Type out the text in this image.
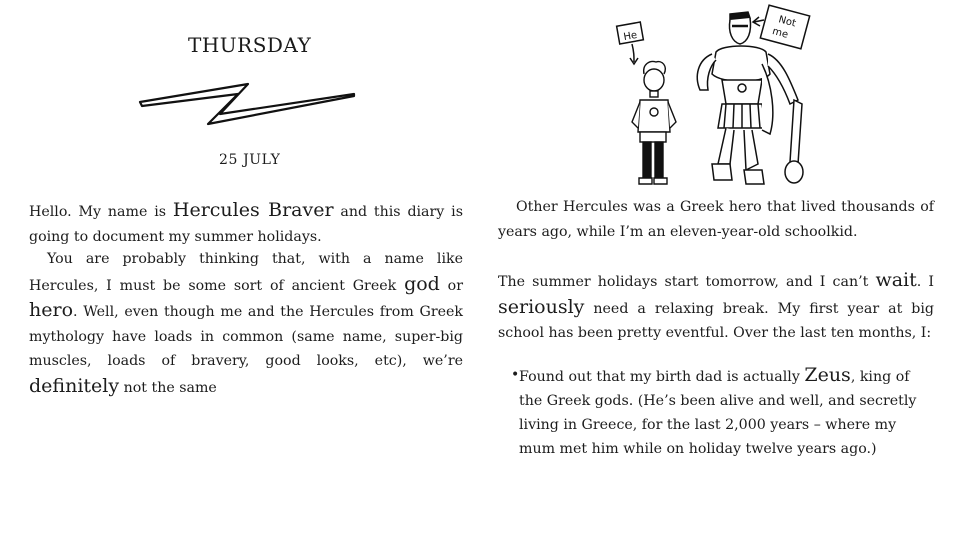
THURSDAY
25 JULY
He
Not
me

Hello. My name is Hercules Braver and this diary is going to document my summer holidays.

You are probably thinking that, with a name like Hercules, I must be some sort of ancient Greek god or hero. Well, even though me and the Hercules from Greek mythology have loads in common (same name, super-big muscles, loads of bravery, good looks, etc), we’re definitely not the same

Other Hercules was a Greek hero that lived thousands of years ago, while I’m an eleven-year-old schoolkid.

The summer holidays start tomorrow, and I can’t wait. I seriously need a relaxing break. My first year at big school has been pretty eventful. Over the last ten months, I:

• Found out that my birth dad is actually Zeus, king of the Greek gods. (He’s been alive and well, and secretly living in Greece, for the last 2,000 years – where my mum met him while on holiday twelve years ago.)
